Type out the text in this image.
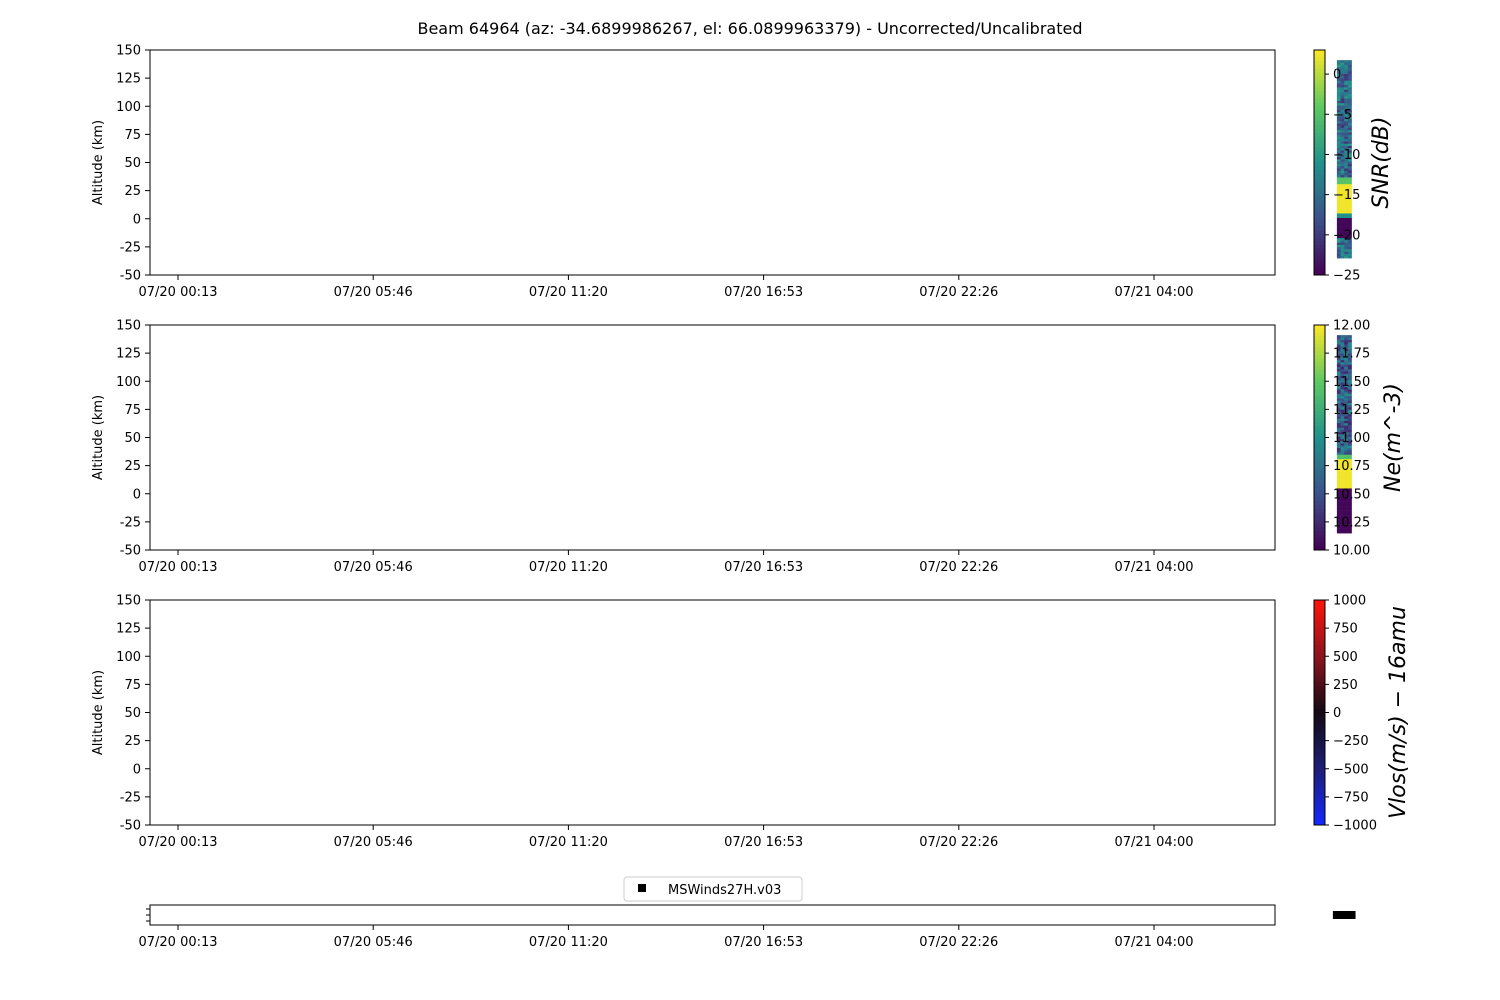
Beam 64964 (az: -34.6899986267, el: 66.0899963379) - Uncorrected/Uncalibrated
150
125
100
75
50
25
0
-25
-50
07/20 00:13	07/20 05:46	07/20 11:20	07/20 16:53	07/20 22:26	07/21 04:00
Altitude (km)
0
−5
−10
−15
−20
−25
SNR(dB)
150
125
100
75
50
25
0
-25
-50
07/20 00:13	07/20 05:46	07/20 11:20	07/20 16:53	07/20 22:26	07/21 04:00
Altitude (km)
12.00
11.75
11.50
11.25
11.00
10.75
10.50
10.25
10.00
Ne(m^-3)
150
125
100
75
50
25
0
-25
-50
07/20 00:13	07/20 05:46	07/20 11:20	07/20 16:53	07/20 22:26	07/21 04:00
Altitude (km)
1000
750
500
250
0
−250
−500
−750
−1000
Vlos(m/s) − 16amu
07/20 00:13	07/20 05:46	07/20 11:20	07/20 16:53	07/20 22:26	07/21 04:00
MSWinds27H.v03
